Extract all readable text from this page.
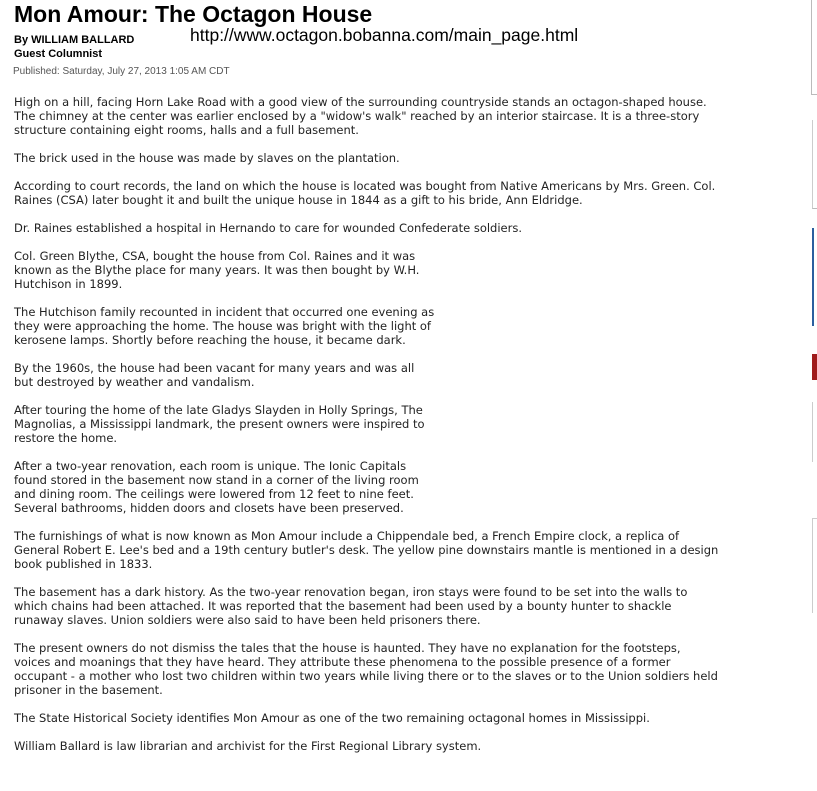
Mon Amour: The Octagon House
By WILLIAM BALLARD
Guest Columnist
http://www.octagon.bobanna.com/main_page.html
Published: Saturday, July 27, 2013 1:05 AM CDT

High on a hill, facing Horn Lake Road with a good view of the surrounding countryside stands an octagon-shaped house.
The chimney at the center was earlier enclosed by a "widow's walk" reached by an interior staircase. It is a three-story
structure containing eight rooms, halls and a full basement.

The brick used in the house was made by slaves on the plantation.

According to court records, the land on which the house is located was bought from Native Americans by Mrs. Green. Col.
Raines (CSA) later bought it and built the unique house in 1844 as a gift to his bride, Ann Eldridge.

Dr. Raines established a hospital in Hernando to care for wounded Confederate soldiers.

Col. Green Blythe, CSA, bought the house from Col. Raines and it was
known as the Blythe place for many years. It was then bought by W.H.
Hutchison in 1899.

The Hutchison family recounted in incident that occurred one evening as
they were approaching the home. The house was bright with the light of
kerosene lamps. Shortly before reaching the house, it became dark.

By the 1960s, the house had been vacant for many years and was all
but destroyed by weather and vandalism.

After touring the home of the late Gladys Slayden in Holly Springs, The
Magnolias, a Mississippi landmark, the present owners were inspired to
restore the home.

After a two-year renovation, each room is unique. The Ionic Capitals
found stored in the basement now stand in a corner of the living room
and dining room. The ceilings were lowered from 12 feet to nine feet.
Several bathrooms, hidden doors and closets have been preserved.

The furnishings of what is now known as Mon Amour include a Chippendale bed, a French Empire clock, a replica of
General Robert E. Lee's bed and a 19th century butler's desk. The yellow pine downstairs mantle is mentioned in a design
book published in 1833.

The basement has a dark history. As the two-year renovation began, iron stays were found to be set into the walls to
which chains had been attached. It was reported that the basement had been used by a bounty hunter to shackle
runaway slaves. Union soldiers were also said to have been held prisoners there.

The present owners do not dismiss the tales that the house is haunted. They have no explanation for the footsteps,
voices and moanings that they have heard. They attribute these phenomena to the possible presence of a former
occupant - a mother who lost two children within two years while living there or to the slaves or to the Union soldiers held
prisoner in the basement.

The State Historical Society identifies Mon Amour as one of the two remaining octagonal homes in Mississippi.

William Ballard is law librarian and archivist for the First Regional Library system.
